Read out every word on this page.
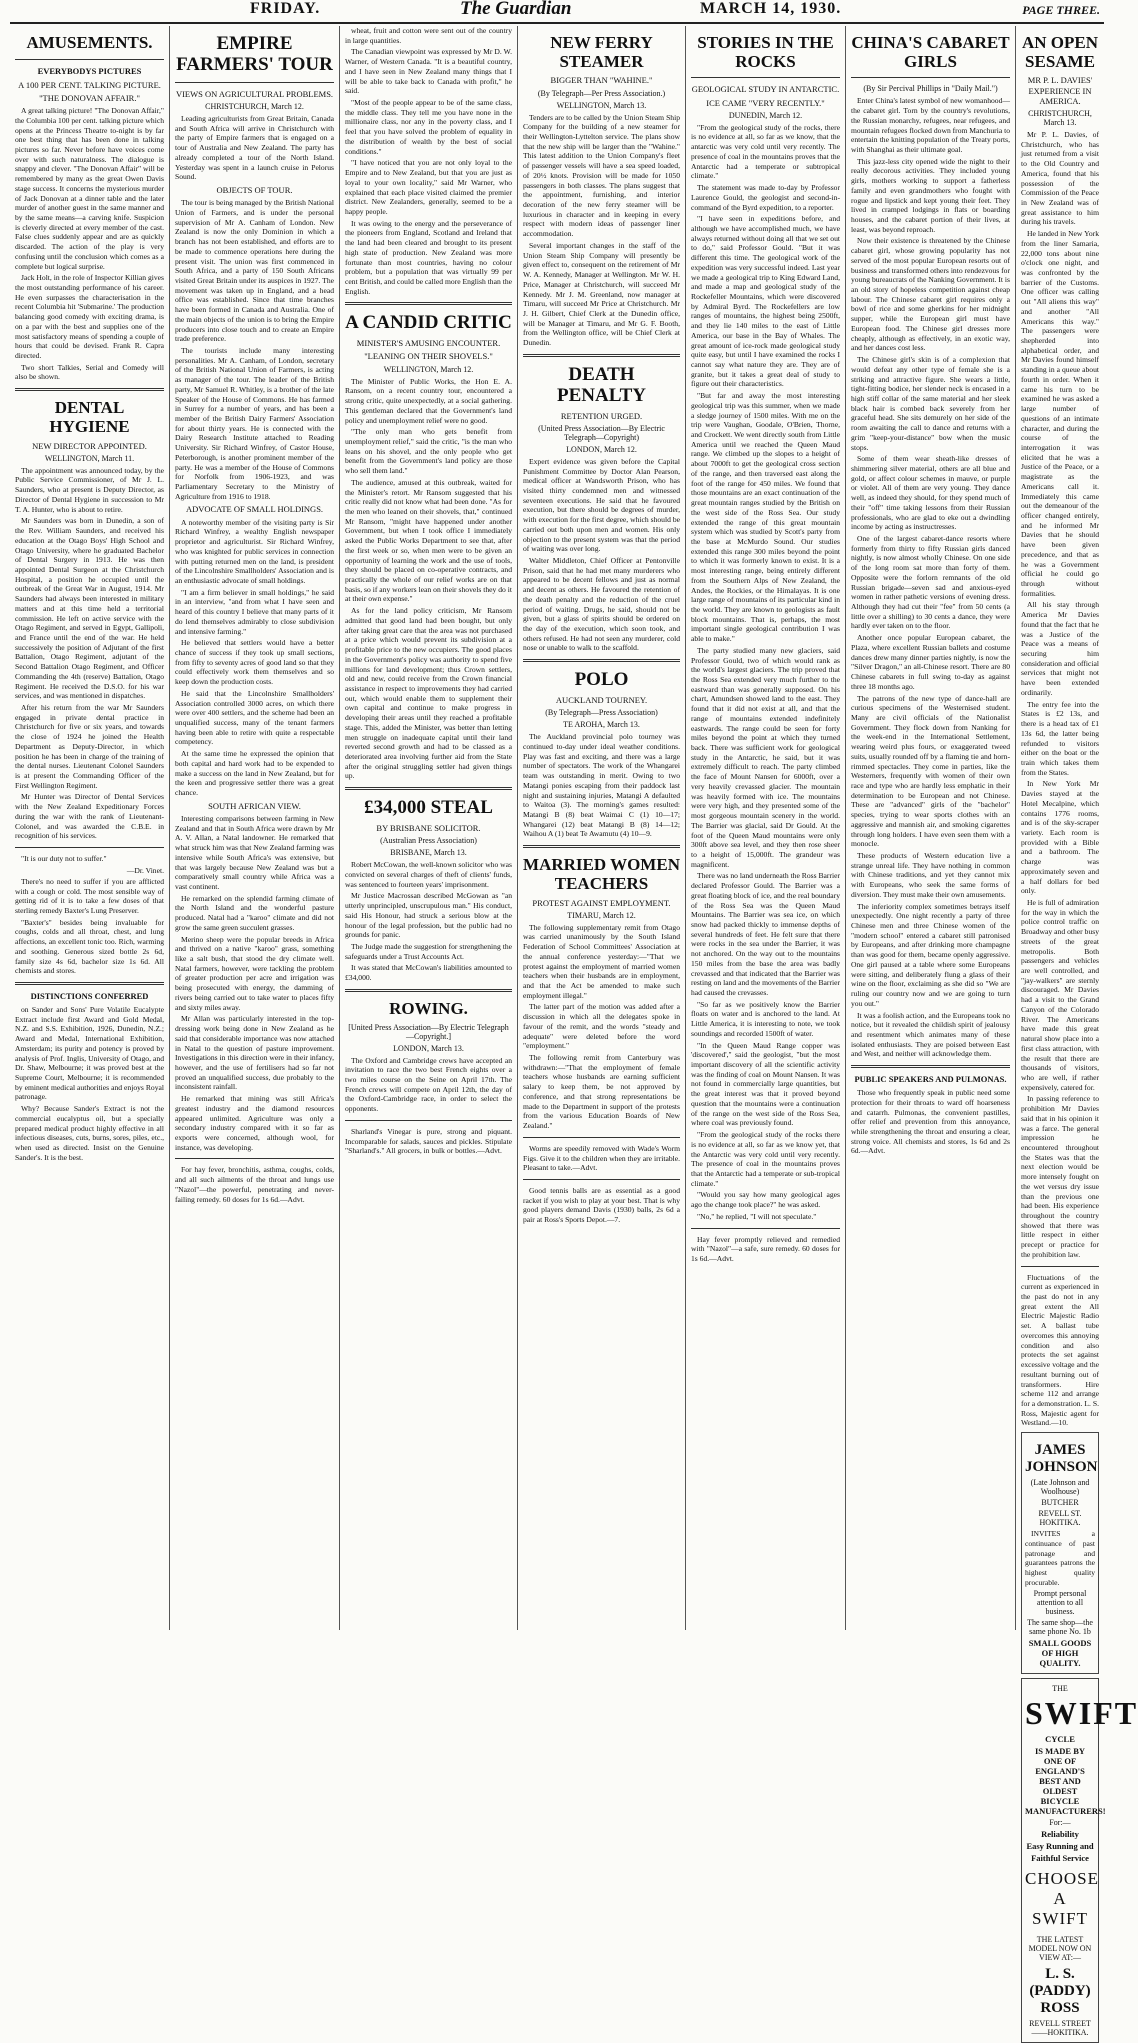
FRIDAY.	The Guardian	MARCH 14, 1930.	PAGE THREE.
AMUSEMENTS.
EVERYBODYS PICTURES
A 100 PER CENT. TALKING PICTURE.
"THE DONOVAN AFFAIR."

A great talking picture! "The Donovan Affair," the Columbia 100 per cent. talking picture which opens at the Princess Theatre to-night is by far one best thing that has been done in talking pictures so far. Never before have voices come over with such naturalness. The dialogue is snappy and clever. "The Donovan Affair" will be remembered by many as the great Owen Davis stage success. It concerns the mysterious murder of Jack Donovan at a dinner table and the later murder of another guest in the same manner and by the same means—a carving knife. Suspicion is cleverly directed at every member of the cast. False clues suddenly appear and are as quickly discarded. The action of the play is very confusing until the conclusion which comes as a complete but logical surprise.

Jack Holt, in the role of Inspector Killian gives the most outstanding performance of his career. He even surpasses the characterisation in the recent Columbia hit 'Submarine.' The production balancing good comedy with exciting drama, is on a par with the best and supplies one of the most satisfactory means of spending a couple of hours that could be devised. Frank R. Capra directed.

Two short Talkies, Serial and Comedy will also be shown.

DENTAL HYGIENE
NEW DIRECTOR APPOINTED.
WELLINGTON, March 11.

The appointment was announced today, by the Public Service Commissioner, of Mr J. L. Saunders, who at present is Deputy Director, as Director of Dental Hygiene in succession to Mr T. A. Hunter, who is about to retire.

Mr Saunders was born in Dunedin, a son of the Rev. William Saunders, and received his education at the Otago Boys' High School and Otago University, where he graduated Bachelor of Dental Surgery in 1913. He was then appointed Dental Surgeon at the Christchurch Hospital, a position he occupied until the outbreak of the Great War in August, 1914. Mr Saunders had always been interested in military matters and at this time held a territorial commission. He left on active service with the Otago Regiment, and served in Egypt, Gallipoli, and France until the end of the war. He held successively the position of Adjutant of the first Battalion, Otago Regiment, adjutant of the Second Battalion Otago Regiment, and Officer Commanding the 4th (reserve) Battalion, Otago Regiment. He received the D.S.O. for his war services, and was mentioned in dispatches.

After his return from the war Mr Saunders engaged in private dental practice in Christchurch for five or six years, and towards the close of 1924 he joined the Health Department as Deputy-Director, in which position he has been in charge of the training of the dental nurses. Lieutenant Colonel Saunders is at present the Commanding Officer of the First Wellington Regiment.

Mr Hunter was Director of Dental Services with the New Zealand Expeditionary Forces during the war with the rank of Lieutenant-Colonel, and was awarded the C.B.E. in recognition of his services.

"It is our duty not to suffer."

—Dr. Vinet.

There's no need to suffer if you are afflicted with a cough or cold. The most sensible way of getting rid of it is to take a few doses of that sterling remedy Baxter's Lung Preserver.

"Baxter's" besides being invaluable for coughs, colds and all throat, chest, and lung affections, an excellent tonic too. Rich, warming and soothing. Generous sized bottle 2s 6d, family size 4s 6d, bachelor size 1s 6d. All chemists and stores.

DISTINCTIONS CONFERRED

on Sander and Sons' Pure Volatile Eucalypte Extract include first Award and Gold Medal, N.Z. and S.S. Exhibition, 1926, Dunedin, N.Z.; Award and Medal, International Exhibition, Amsterdam; its purity and potency is proved by analysis of Prof. Inglis, University of Otago, and Dr. Shaw, Melbourne; it was proved best at the Supreme Court, Melbourne; it is recommended by eminent medical authorities and enjoys Royal patronage.

Why? Because Sander's Extract is not the commercial eucalyptus oil, but a specially prepared medical product highly effective in all infectious diseases, cuts, burns, sores, piles, etc., when used as directed. Insist on the Genuine Sander's. It is the best.

EMPIRE FARMERS' TOUR
VIEWS ON AGRICULTURAL PROBLEMS.
CHRISTCHURCH, March 12.

Leading agriculturists from Great Britain, Canada and South Africa will arrive in Christchurch with the party of Empire farmers that is engaged on a tour of Australia and New Zealand. The party has already completed a tour of the North Island. Yesterday was spent in a launch cruise in Pelorus Sound.

OBJECTS OF TOUR.

The tour is being managed by the British National Union of Farmers, and is under the personal supervision of Mr A. Canham of London. New Zealand is now the only Dominion in which a branch has not been established, and efforts are to be made to commence operations here during the present visit. The union was first commenced in South Africa, and a party of 150 South Africans visited Great Britain under its auspices in 1927. The movement was taken up in England, and a head office was established. Since that time branches have been formed in Canada and Australia. One of the main objects of the union is to bring the Empire producers into close touch and to create an Empire trade preference.

The tourists include many interesting personalities. Mr A. Canham, of London, secretary of the British National Union of Farmers, is acting as manager of the tour. The leader of the British party, Mr Samuel R. Whitley, is a brother of the late Speaker of the House of Commons. He has farmed in Surrey for a number of years, and has been a member of the British Dairy Farmers' Association for about thirty years. He is connected with the Dairy Research Institute attached to Reading University. Sir Richard Winfrey, of Castor House, Peterborough, is another prominent member of the party. He was a member of the House of Commons for Norfolk from 1906-1923, and was Parliamentary Secretary to the Ministry of Agriculture from 1916 to 1918.

ADVOCATE OF SMALL HOLDINGS.

A noteworthy member of the visiting party is Sir Richard Winfrey, a wealthy English newspaper proprietor and agriculturist. Sir Richard Winfrey, who was knighted for public services in connection with putting returned men on the land, is president of the Lincolnshire Smallholders' Association and is an enthusiastic advocate of small holdings.

"I am a firm believer in small holdings," he said in an interview, "and from what I have seen and heard of this country I believe that many parts of it do lend themselves admirably to close subdivision and intensive farming."

He believed that settlers would have a better chance of success if they took up small sections, from fifty to seventy acres of good land so that they could effectively work them themselves and so keep down the production costs.

He said that the Lincolnshire Smallholders' Association controlled 3000 acres, on which there were over 400 settlers, and the scheme had been an unqualified success, many of the tenant farmers having been able to retire with quite a respectable competency.

At the same time he expressed the opinion that both capital and hard work had to be expended to make a success on the land in New Zealand, but for the keen and progressive settler there was a great chance.

SOUTH AFRICAN VIEW.

Interesting comparisons between farming in New Zealand and that in South Africa were drawn by Mr A. V. Allan, a Natal landowner. He remarked that what struck him was that New Zealand farming was intensive while South Africa's was extensive, but that was largely because New Zealand was but a comparatively small country while Africa was a vast continent.

He remarked on the splendid farming climate of the North Island and the wonderful pasture produced. Natal had a "karoo" climate and did not grow the same green succulent grasses.

Merino sheep were the popular breeds in Africa and thrived on a native "karoo" grass, something like a salt bush, that stood the dry climate well. Natal farmers, however, were tackling the problem of greater production per acre and irrigation was being prosecuted with energy, the damming of rivers being carried out to take water to places fifty and sixty miles away.

Mr Allan was particularly interested in the top-dressing work being done in New Zealand as he said that considerable importance was now attached in Natal to the question of pasture improvement. Investigations in this direction were in their infancy, however, and the use of fertilisers had so far not proved an unqualified success, due probably to the inconsistent rainfall.

He remarked that mining was still Africa's greatest industry and the diamond resources appeared unlimited. Agriculture was only a secondary industry compared with it so far as exports were concerned, although wool, for instance, was developing.

For hay fever, bronchitis, asthma, coughs, colds, and all such ailments of the throat and lungs use "Nazol"—the powerful, penetrating and never-failing remedy. 60 doses for 1s 6d.—Advt.

wheat, fruit and cotton were sent out of the country in large quantities.

The Canadian viewpoint was expressed by Mr D. W. Warner, of Western Canada. "It is a beautiful country, and I have seen in New Zealand many things that I will be able to take back to Canada with profit," he said.

"Most of the people appear to be of the same class, the middle class. They tell me you have none in the millionaire class, nor any in the poverty class, and I feel that you have solved the problem of equality in the distribution of wealth by the best of social conditions."

"I have noticed that you are not only loyal to the Empire and to New Zealand, but that you are just as loyal to your own locality," said Mr Warner, who explained that each place visited claimed the premier district. New Zealanders, generally, seemed to be a happy people.

It was owing to the energy and the perseverance of the pioneers from England, Scotland and Ireland that the land had been cleared and brought to its present high state of production. New Zealand was more fortunate than most countries, having no colour problem, but a population that was virtually 99 per cent British, and could be called more English than the English.

A CANDID CRITIC
MINISTER'S AMUSING ENCOUNTER.
"LEANING ON THEIR SHOVELS."
WELLINGTON, March 12.

The Minister of Public Works, the Hon E. A. Ransom, on a recent country tour, encountered a strong critic, quite unexpectedly, at a social gathering. This gentleman declared that the Government's land policy and unemployment relief were no good.

"The only man who gets benefit from unemployment relief," said the critic, "is the man who leans on his shovel, and the only people who get benefit from the Government's land policy are those who sell them land."

The audience, amused at this outbreak, waited for the Minister's retort. Mr Ransom suggested that his critic really did not know what had been done. "As for the men who leaned on their shovels, that," continued Mr Ransom, "might have happened under another Government, but when I took office I immediately asked the Public Works Department to see that, after the first week or so, when men were to be given an opportunity of learning the work and the use of tools, they should be placed on co-operative contracts, and practically the whole of our relief works are on that basis, so if any workers lean on their shovels they do it at their own expense."

As for the land policy criticism, Mr Ransom admitted that good land had been bought, but only after taking great care that the area was not purchased at a price which would prevent its subdivision at a profitable price to the new occupiers. The good places in the Government's policy was authority to spend five millions for land development; thus Crown settlers, old and new, could receive from the Crown financial assistance in respect to improvements they had carried out, which would enable them to supplement their own capital and continue to make progress in developing their areas until they reached a profitable stage. This, added the Minister, was better than letting men struggle on inadequate capital until their land reverted second growth and had to be classed as a deteriorated area involving further aid from the State after the original struggling settler had given things up.

£34,000 STEAL
BY BRISBANE SOLICITOR.
(Australian Press Association)
BRISBANE, March 13.

Robert McCowan, the well-known solicitor who was convicted on several charges of theft of clients' funds, was sentenced to fourteen years' imprisonment.

Mr Justice Macrossan described McGowan as "an utterly unprincipled, unscrupulous man." His conduct, said His Honour, had struck a serious blow at the honour of the legal profession, but the public had no grounds for panic.

The Judge made the suggestion for strengthening the safeguards under a Trust Accounts Act.

It was stated that McCowan's liabilities amounted to £34,000.

ROWING.
[United Press Association—By Electric Telegraph—Copyright.]
LONDON, March 13.

The Oxford and Cambridge crews have accepted an invitation to race the two best French eights over a two miles course on the Seine on April 17th. The French crews will compete on April 12th, the day of the Oxford-Cambridge race, in order to select the opponents.

Sharland's Vinegar is pure, strong and piquant. Incomparable for salads, sauces and pickles. Stipulate "Sharland's." All grocers, in bulk or bottles.—Advt.

NEW FERRY STEAMER
BIGGER THAN "WAHINE."
(By Telegraph—Per Press Association.)
WELLINGTON, March 13.

Tenders are to be called by the Union Steam Ship Company for the building of a new steamer for their Wellington-Lyttelton service. The plans show that the new ship will be larger than the "Wahine." This latest addition to the Union Company's fleet of passenger vessels will have a sea speed loaded, of 20½ knots. Provision will be made for 1050 passengers in both classes. The plans suggest that the appointment, furnishing, and interior decoration of the new ferry steamer will be luxurious in character and in keeping in every respect with modern ideas of passenger liner accommodation.

Several important changes in the staff of the Union Steam Ship Company will presently be given effect to, consequent on the retirement of Mr W. A. Kennedy, Manager at Wellington. Mr W. H. Price, Manager at Christchurch, will succeed Mr Kennedy. Mr J. M. Greenland, now manager at Timaru, will succeed Mr Price at Christchurch. Mr J. H. Gilbert, Chief Clerk at the Dunedin office, will be Manager at Timaru, and Mr G. F. Booth, from the Wellington office, will be Chief Clerk at Dunedin.

DEATH PENALTY
RETENTION URGED.
(United Press Association—By Electric Telegraph—Copyright)
LONDON, March 12.

Expert evidence was given before the Capital Punishment Committee by Doctor Alan Pearson, medical officer at Wandsworth Prison, who has visited thirty condemned men and witnessed seventeen executions. He said that he favoured execution, but there should be degrees of murder, with execution for the first degree, which should be carried out both upon men and women. His only objection to the present system was that the period of waiting was over long.

Walter Middleton, Chief Officer at Pentonville Prison, said that he had met many murderers who appeared to be decent fellows and just as normal and decent as others. He favoured the retention of the death penalty and the reduction of the cruel period of waiting. Drugs, he said, should not be given, but a glass of spirits should be ordered on the day of the execution, which soon took, and others refused. He had not seen any murderer, cold nose or unable to walk to the scaffold.

POLO
AUCKLAND TOURNEY.
(By Telegraph—Press Association)
TE AROHA, March 13.

The Auckland provincial polo tourney was continued to-day under ideal weather conditions. Play was fast and exciting, and there was a large number of spectators. The work of the Whangarei team was outstanding in merit. Owing to two Matangi ponies escaping from their paddock last night and sustaining injuries, Matangi A defaulted to Waitoa (3). The morning's games resulted: Matangi B (8) beat Waimai C (1) 10—17; Whangarei (12) beat Matangi B (8) 14—12; Waihou A (1) beat Te Awamutu (4) 10—9.

MARRIED WOMEN TEACHERS
PROTEST AGAINST EMPLOYMENT.
TIMARU, March 12.

The following supplementary remit from Otago was carried unanimously by the South Island Federation of School Committees' Association at the annual conference yesterday:—"That we protest against the employment of married women teachers when their husbands are in employment, and that the Act be amended to make such employment illegal."

The latter part of the motion was added after a discussion in which all the delegates spoke in favour of the remit, and the words "steady and adequate" were deleted before the word "employment."

The following remit from Canterbury was withdrawn:—"That the employment of female teachers whose husbands are earning sufficient salary to keep them, be not approved by conference, and that strong representations be made to the Department in support of the protests from the various Education Boards of New Zealand."

Worms are speedily removed with Wade's Worm Figs. Give it to the children when they are irritable. Pleasant to take.—Advt.

Good tennis balls are as essential as a good racket if you wish to play at your best. That is why good players demand Davis (1930) balls, 2s 6d a pair at Ross's Sports Depot.—7.

STORIES IN THE ROCKS
GEOLOGICAL STUDY IN ANTARCTIC.
ICE CAME "VERY RECENTLY."
DUNEDIN, March 12.

"From the geological study of the rocks, there is no evidence at all, so far as we know, that the antarctic was very cold until very recently. The presence of coal in the mountains proves that the Antarctic had a temperate or subtropical climate."

The statement was made to-day by Professor Laurence Gould, the geologist and second-in-command of the Byrd expedition, to a reporter.

"I have seen in expeditions before, and although we have accomplished much, we have always returned without doing all that we set out to do," said Professor Gould. "But it was different this time. The geological work of the expedition was very successful indeed. Last year we made a geological trip to King Edward Land, and made a map and geological study of the Rockefeller Mountains, which were discovered by Admiral Byrd. The Rockefellers are low ranges of mountains, the highest being 2500ft, and they lie 140 miles to the east of Little America, our base in the Bay of Whales. The great amount of ice-rock made geological study quite easy, but until I have examined the rocks I cannot say what nature they are. They are of granite, but it takes a great deal of study to figure out their characteristics.

"But far and away the most interesting geological trip was this summer, when we made a sledge journey of 1500 miles. With me on the trip were Vaughan, Goodale, O'Brien, Thorne, and Crockett. We went directly south from Little America until we reached the Queen Maud range. We climbed up the slopes to a height of about 7000ft to get the geological cross section of the range, and then traversed east along the foot of the range for 450 miles. We found that those mountains are an exact continuation of the great mountain ranges studied by the British on the west side of the Ross Sea. Our study extended the range of this great mountain system which was studied by Scott's party from the base at McMurdo Sound. Our studies extended this range 300 miles beyond the point to which it was formerly known to exist. It is a most interesting range, being entirely different from the Southern Alps of New Zealand, the Andes, the Rockies, or the Himalayas. It is one large range of mountains of its particular kind in the world. They are known to geologists as fault block mountains. That is, perhaps, the most important single geological contribution I was able to make."

The party studied many new glaciers, said Professor Gould, two of which would rank as the world's largest glaciers. The trip proved that the Ross Sea extended very much further to the eastward than was generally supposed. On his chart, Amundsen showed land to the east. They found that it did not exist at all, and that the range of mountains extended indefinitely eastwards. The range could be seen for forty miles beyond the point at which they turned back. There was sufficient work for geological study in the Antarctic, he said, but it was extremely difficult to reach. The party climbed the face of Mount Nansen for 6000ft, over a very heavily crevassed glacier. The mountain was heavily formed with ice. The mountains were very high, and they presented some of the most gorgeous mountain scenery in the world. The Barrier was glacial, said Dr Gould. At the foot of the Queen Maud mountains were only 300ft above sea level, and they then rose sheer to a height of 15,000ft. The grandeur was magnificent.

There was no land underneath the Ross Barrier declared Professor Gould. The Barrier was a great floating block of ice, and the real boundary of the Ross Sea was the Queen Maud Mountains. The Barrier was sea ice, on which snow had packed thickly to immense depths of several hundreds of feet. He felt sure that there were rocks in the sea under the Barrier, it was not anchored. On the way out to the mountains 150 miles from the base the area was badly crevassed and that indicated that the Barrier was resting on land and the movements of the Barrier had caused the crevasses.

"So far as we positively know the Barrier floats on water and is anchored to the land. At Little America, it is interesting to note, we took soundings and recorded 1500ft of water.

"In the Queen Maud Range copper was 'discovered'," said the geologist, "but the most important discovery of all the scientific activity was the finding of coal on Mount Nansen. It was not found in commercially large quantities, but the great interest was that it proved beyond question that the mountains were a continuation of the range on the west side of the Ross Sea, where coal was previously found.

"From the geological study of the rocks there is no evidence at all, so far as we know yet, that the Antarctic was very cold until very recently. The presence of coal in the mountains proves that the Antarctic had a temperate or sub-tropical climate."

"Would you say how many geological ages ago the change took place?" he was asked.

"No," he replied, "I will not speculate."

Hay fever promptly relieved and remedied with "Nazol"—a safe, sure remedy. 60 doses for 1s 6d.—Advt.

CHINA'S CABARET GIRLS
(By Sir Percival Phillips in "Daily Mail.")

Enter China's latest symbol of new womanhood—the cabaret girl. Torn by the country's revolutions, the Russian monarchy, refugees, near refugees, and mountain refugees flocked down from Manchuria to entertain the knitting population of the Treaty ports, with Shanghai as their ultimate goal.

This jazz-less city opened wide the night to their really decorous activities. They included young girls, mothers working to support a fatherless family and even grandmothers who fought with rogue and lipstick and kept young their feet. They lived in cramped lodgings in flats or boarding houses, and the cabaret portion of their lives, at least, was beyond reproach.

Now their existence is threatened by the Chinese cabaret girl, whose growing popularity has not served of the most popular European resorts out of business and transformed others into rendezvous for young bureaucrats of the Nanking Government. It is an old story of hopeless competition against cheap labour. The Chinese cabaret girl requires only a bowl of rice and some gherkins for her midnight supper, while the European girl must have European food. The Chinese girl dresses more cheaply, although as effectively, in an exotic way, and her dances cost less.

The Chinese girl's skin is of a complexion that would defeat any other type of female she is a striking and attractive figure. She wears a little, tight-fitting bodice, her slender neck is encased in a high stiff collar of the same material and her sleek black hair is combed back severely from her graceful head. She sits demurely on her side of the room awaiting the call to dance and returns with a grim "keep-your-distance" bow when the music stops.

Some of them wear sheath-like dresses of shimmering silver material, others are all blue and gold, or affect colour schemes in mauve, or purple or violet. All of them are very young. They dance well, as indeed they should, for they spend much of their "off" time taking lessons from their Russian professionals, who are glad to eke out a dwindling income by acting as instructresses.

One of the largest cabaret-dance resorts where formerly from thirty to fifty Russian girls danced nightly, is now almost wholly Chinese. On one side of the long room sat more than forty of them. Opposite were the forlorn remnants of the old Russian brigade—seven sad and anxious-eyed women in rather pathetic versions of evening dress. Although they had cut their "fee" from 50 cents (a little over a shilling) to 30 cents a dance, they were hardly ever taken on to the floor.

Another once popular European cabaret, the Plaza, where excellent Russian ballets and costume dances drew many dinner parties nightly, is now the "Silver Dragon," an all-Chinese resort. There are 80 Chinese cabarets in full swing to-day as against three 18 months ago.

The patrons of the new type of dance-hall are curious specimens of the Westernised student. Many are civil officials of the Nationalist Government. They flock down from Nanking for the week-end in the International Settlement, wearing weird plus fours, or exaggerated tweed suits, usually rounded off by a flaming tie and horn-rimmed spectacles. They come in parties, like the Westerners, frequently with women of their own race and type who are hardly less emphatic in their determination to be European and not Chinese. These are "advanced" girls of the "bachelor" species, trying to wear sports clothes with an aggressive and mannish air, and smoking cigarettes through long holders. I have even seen them with a monocle.

These products of Western education live a strange unreal life. They have nothing in common with Chinese traditions, and yet they cannot mix with Europeans, who seek the same forms of diversion. They must make their own amusements.

The inferiority complex sometimes betrays itself unexpectedly. One night recently a party of three Chinese men and three Chinese women of the "modern school" entered a cabaret still patronised by Europeans, and after drinking more champagne than was good for them, became openly aggressive. One girl paused at a table where some Europeans were sitting, and deliberately flung a glass of their wine on the floor, exclaiming as she did so "We are ruling our country now and we are going to turn you out."

It was a foolish action, and the Europeans took no notice, but it revealed the childish spirit of jealousy and resentment which animates many of these isolated enthusiasts. They are poised between East and West, and neither will acknowledge them.

PUBLIC SPEAKERS AND PULMONAS.

Those who frequently speak in public need some protection for their throats to ward off hoarseness and catarrh. Pulmonas, the convenient pastilles, offer relief and prevention from this annoyance, while strengthening the throat and ensuring a clear, strong voice. All chemists and stores, 1s 6d and 2s 6d.—Advt.

AN OPEN SESAME
MR P. L. DAVIES' EXPERIENCE IN AMERICA.
CHRISTCHURCH, March 13.

Mr P. L. Davies, of Christchurch, who has just returned from a visit to the Old Country and America, found that his possession of the Commission of the Peace in New Zealand was of great assistance to him during his travels.

He landed in New York from the liner Samaria, 22,000 tons about nine o'clock one night, and was confronted by the barrier of the Customs. One officer was calling out "All aliens this way" and another "All Americans this way." The passengers were shepherded into alphabetical order, and Mr Davies found himself standing in a queue about fourth in order. When it came his turn to be examined he was asked a large number of questions of an intimate character, and during the course of the interrogation it was elicited that he was a Justice of the Peace, or a magistrate as the Americans call it. Immediately this came out the demeanour of the officer changed entirely, and he informed Mr Davies that he should have been given precedence, and that as he was a Government official he could go through without formalities.

All his stay through America Mr Davies found that the fact that he was a Justice of the Peace was a means of securing him consideration and official services that might not have been extended ordinarily.

The entry fee into the States is £2 13s, and there is a head tax of £1 13s 6d, the latter being refunded to visitors either on the boat or the train which takes them from the States.

In New York Mr Davies stayed at the Hotel Mecalpine, which contains 1776 rooms, and is of the sky-scraper variety. Each room is provided with a Bible and a bathroom. The charge was approximately seven and a half dollars for bed only.

He is full of admiration for the way in which the police control traffic on Broadway and other busy streets of the great metropolis. Both passengers and vehicles are well controlled, and "jay-walkers" are sternly discouraged. Mr Davies had a visit to the Grand Canyon of the Colorado River. The Americans have made this great natural show place into a first class attraction, with the result that there are thousands of visitors, who are well, if rather expensively, catered for.

In passing reference to prohibition Mr Davies said that in his opinion it was a farce. The general impression he encountered throughout the States was that the next election would be more intensely fought on the wet versus dry issue than the previous one had been. His experience throughout the country showed that there was little respect in either precept or practice for the prohibition law.

Fluctuations of the current as experienced in the past do not in any great extent the All Electric Majestic Radio set. A ballast tube overcomes this annoying condition and also protects the set against excessive voltage and the resultant burning out of transformers. Hire scheme 112 and arrange for a demonstration. L. S. Ross, Majestic agent for Westland.—10.

JAMES JOHNSON
(Late Johnson and Woolhouse)
BUTCHER
REVELL ST. HOKITIKA.

INVITES a continuance of past patronage and guarantees patrons the highest quality procurable.

Prompt personal attention to all business.
The same shop—the same phone No. 1b
SMALL GOODS OF HIGH QUALITY.
THE
SWIFT
CYCLE
IS MADE BY ONE OF ENGLAND'S BEST AND OLDEST BICYCLE MANUFACTURERS!
For:—
Reliability
Easy Running and
Faithful Service
CHOOSE A SWIFT
THE LATEST MODEL NOW ON VIEW AT:—
L. S. (PADDY) ROSS
REVELL STREET——HOKITIKA.
